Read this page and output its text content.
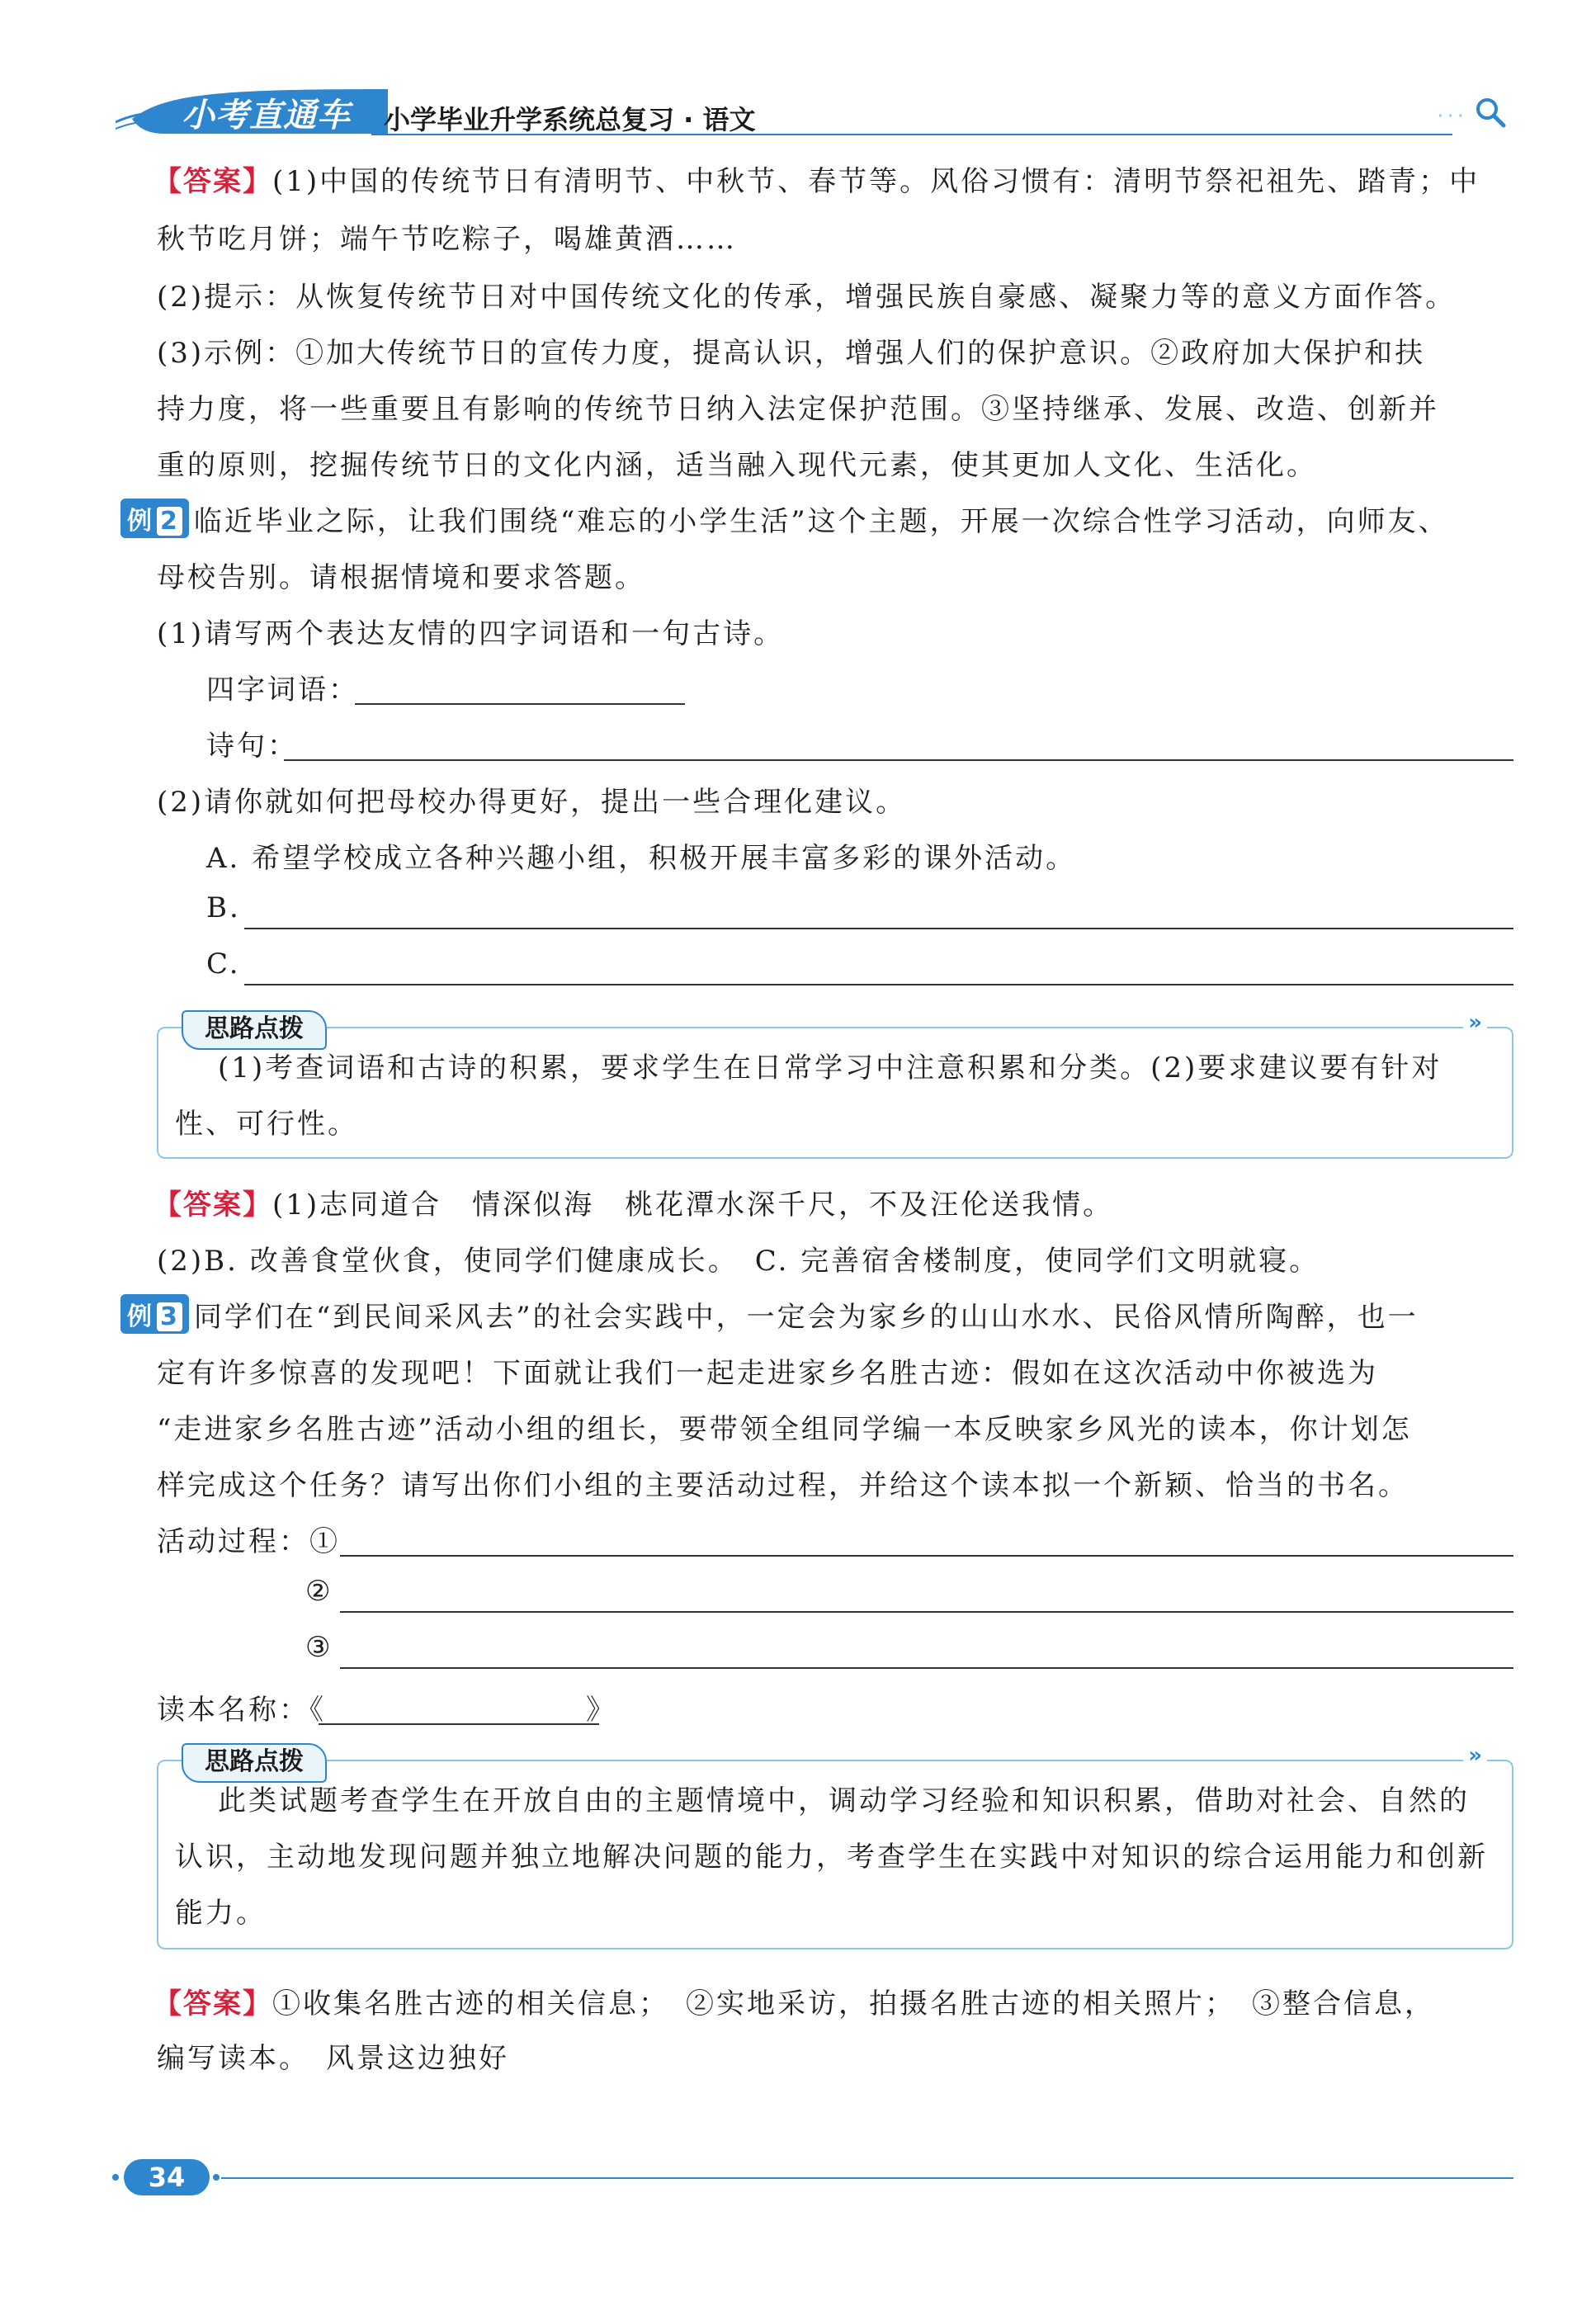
小考直通车 小学毕业升学系统总复习 · 语文	···
【答案】(1)中国的传统节日有清明节、中秋节、春节等。风俗习惯有：清明节祭祀祖先、踏青；中
秋节吃月饼；端午节吃粽子，喝雄黄酒……
(2)提示：从恢复传统节日对中国传统文化的传承，增强民族自豪感、凝聚力等的意义方面作答。
(3)示例：①加大传统节日的宣传力度，提高认识，增强人们的保护意识。②政府加大保护和扶
持力度，将一些重要且有影响的传统节日纳入法定保护范围。③坚持继承、发展、改造、创新并
重的原则，挖掘传统节日的文化内涵，适当融入现代元素，使其更加人文化、生活化。
例 2 临近毕业之际，让我们围绕“难忘的小学生活”这个主题，开展一次综合性学习活动，向师友、
母校告别。请根据情境和要求答题。
(1)请写两个表达友情的四字词语和一句古诗。
四字词语：
诗句：
(2)请你就如何把母校办得更好，提出一些合理化建议。
A. 希望学校成立各种兴趣小组，积极开展丰富多彩的课外活动。
B.
C.
思路点拨	»
(1)考查词语和古诗的积累，要求学生在日常学习中注意积累和分类。(2)要求建议要有针对性、可行性。
【答案】(1)志同道合　情深似海　桃花潭水深千尺，不及汪伦送我情。
(2)B. 改善食堂伙食，使同学们健康成长。　C. 完善宿舍楼制度，使同学们文明就寝。
例 3 同学们在“到民间采风去”的社会实践中，一定会为家乡的山山水水、民俗风情所陶醉，也一
定有许多惊喜的发现吧！下面就让我们一起走进家乡名胜古迹：假如在这次活动中你被选为
“走进家乡名胜古迹”活动小组的组长，要带领全组同学编一本反映家乡风光的读本，你计划怎
样完成这个任务？请写出你们小组的主要活动过程，并给这个读本拟一个新颖、恰当的书名。
活动过程：①
②
③
读本名称：《	》
思路点拨	»
此类试题考查学生在开放自由的主题情境中，调动学习经验和知识积累，借助对社会、自然的认识，主动地发现问题并独立地解决问题的能力，考查学生在实践中对知识的综合运用能力和创新能力。
【答案】①收集名胜古迹的相关信息；　②实地采访，拍摄名胜古迹的相关照片；　③整合信息，
编写读本。　风景这边独好
34
